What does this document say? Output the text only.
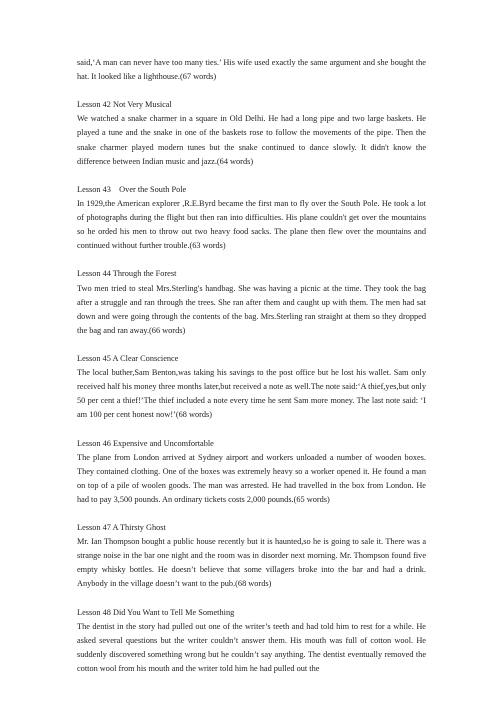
said,‘A man can never have too many ties.’ His wife used exactly the same argument and she bought the hat. It looked like a lighthouse.(67 words)

Lesson 42 Not Very Musical

We watched a snake charmer in a square in Old Delhi. He had a long pipe and two large baskets. He played a tune and the snake in one of the baskets rose to follow the movements of the pipe. Then the snake charmer played modern tunes but the snake continued to dance slowly. It didn't know the difference between Indian music and jazz.(64 words)

Lesson 43    Over the South Pole

In 1929,the American explorer ,R.E.Byrd became the first man to fly over the South Pole. He took a lot of photographs during the flight but then ran into difficulties. His plane couldn't get over the mountains so he orded his men to throw out two heavy food sacks. The plane then flew over the mountains and continued without further trouble.(63 words)

Lesson 44 Through the Forest

Two men tried to steal Mrs.Sterling's handbag. She was having a picnic at the time. They took the bag after a struggle and ran through the trees. She ran after them and caught up with them. The men had sat down and were going through the contents of the bag. Mrs.Sterling ran straight at them so they dropped the bag and ran away.(66 words)

Lesson 45 A Clear Conscience

The local buther,Sam Benton,was taking his savings to the post office but he lost his wallet. Sam only received half his money three months later,but received a note as well.The note said:‘A thief,yes,but only 50 per cent a thief!’The thief included a note every time he sent Sam more money. The last note said: ‘I am 100 per cent honest now!’(68 words)

Lesson 46 Expensive and Uncomfortable

The plane from London arrived at Sydney airport and workers unloaded a number of wooden boxes. They contained clothing. One of the boxes was extremely heavy so a worker opened it. He found a man on top of a pile of woolen goods. The man was arrested. He had travelled in the box from London. He had to pay 3,500 pounds. An ordinary tickets costs 2,000 pounds.(65 words)

Lesson 47 A Thirsty Ghost

Mr. Ian Thompson bought a public house recently but it is haunted,so he is going to sale it. There was a strange noise in the bar one night and the room was in disorder next morning. Mr. Thompson found five empty whisky bottles. He doesn’t believe that some villagers broke into the bar and had a drink. Anybody in the village doesn’t want to the pub.(68 words)

Lesson 48 Did You Want to Tell Me Something

The dentist in the story had pulled out one of the writer’s teeth and had told him to rest for a while. He asked several questions but the writer couldn’t answer them. His mouth was full of cotton wool. He suddenly discovered something wrong but he couldn’t say anything. The dentist eventually removed the cotton wool from his mouth and the writer told him he had pulled out the
